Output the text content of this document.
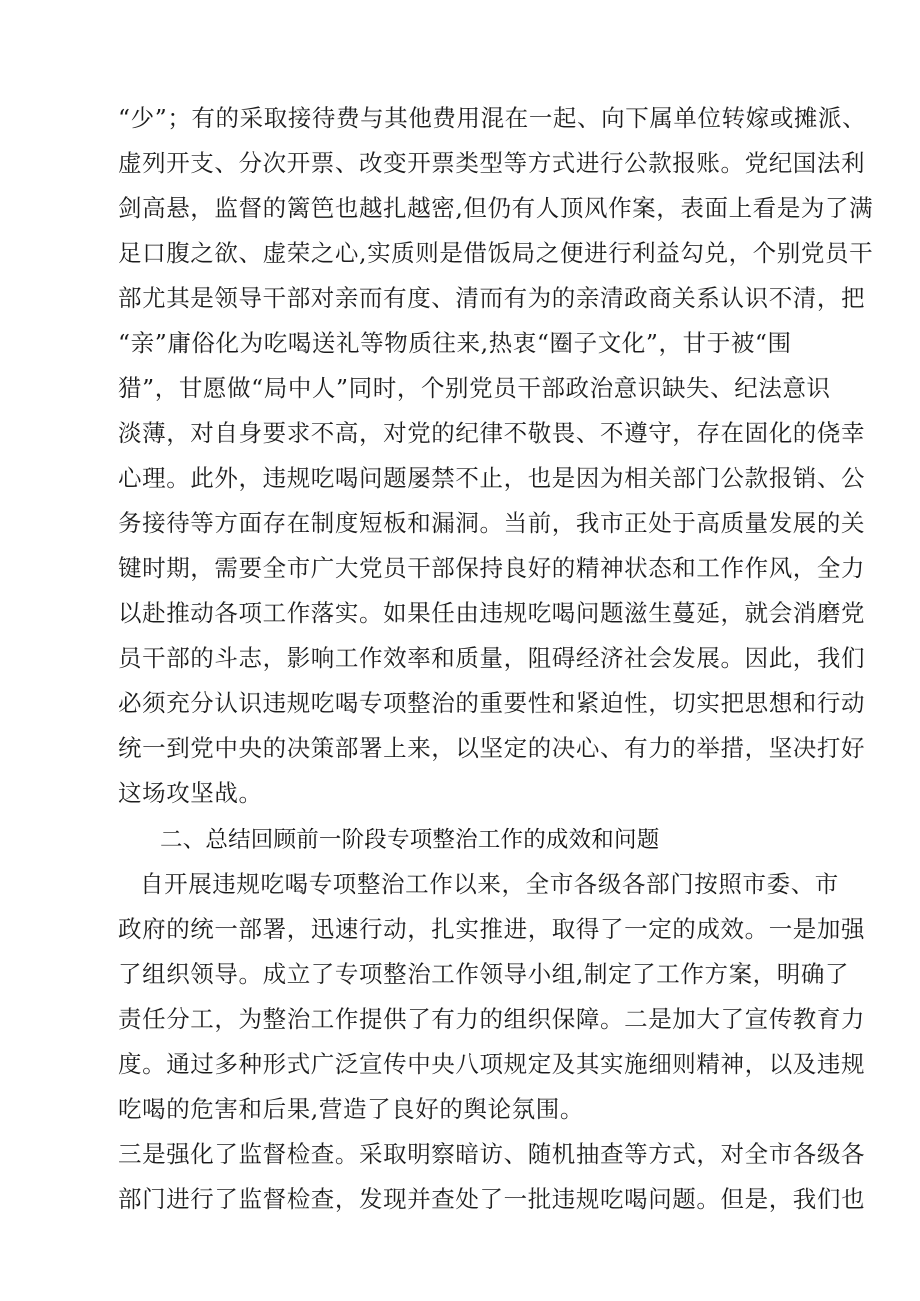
“少”；有的采取接待费与其他费用混在一起、向下属单位转嫁或摊派、
虚列开支、分次开票、改变开票类型等方式进行公款报账。党纪国法利
剑高悬，监督的篱笆也越扎越密,但仍有人顶风作案，表面上看是为了满
足口腹之欲、虚荣之心,实质则是借饭局之便进行利益勾兑，个别党员干
部尤其是领导干部对亲而有度、清而有为的亲清政商关系认识不清，把
“亲”庸俗化为吃喝送礼等物质往来,热衷“圈子文化”，甘于被“围
猎”，甘愿做“局中人”同时，个别党员干部政治意识缺失、纪法意识
淡薄，对自身要求不高，对党的纪律不敬畏、不遵守，存在固化的侥幸
心理。此外，违规吃喝问题屡禁不止，也是因为相关部门公款报销、公
务接待等方面存在制度短板和漏洞。当前，我市正处于高质量发展的关
键时期，需要全市广大党员干部保持良好的精神状态和工作作风，全力
以赴推动各项工作落实。如果任由违规吃喝问题滋生蔓延，就会消磨党
员干部的斗志，影响工作效率和质量，阻碍经济社会发展。因此，我们
必须充分认识违规吃喝专项整治的重要性和紧迫性，切实把思想和行动
统一到党中央的决策部署上来，以坚定的决心、有力的举措，坚决打好
这场攻坚战。
二、总结回顾前一阶段专项整治工作的成效和问题
自开展违规吃喝专项整治工作以来，全市各级各部门按照市委、市
政府的统一部署，迅速行动，扎实推进，取得了一定的成效。一是加强
了组织领导。成立了专项整治工作领导小组,制定了工作方案，明确了
责任分工，为整治工作提供了有力的组织保障。二是加大了宣传教育力
度。通过多种形式广泛宣传中央八项规定及其实施细则精神，以及违规
吃喝的危害和后果,营造了良好的舆论氛围。
三是强化了监督检查。采取明察暗访、随机抽查等方式，对全市各级各
部门进行了监督检查，发现并查处了一批违规吃喝问题。但是，我们也
